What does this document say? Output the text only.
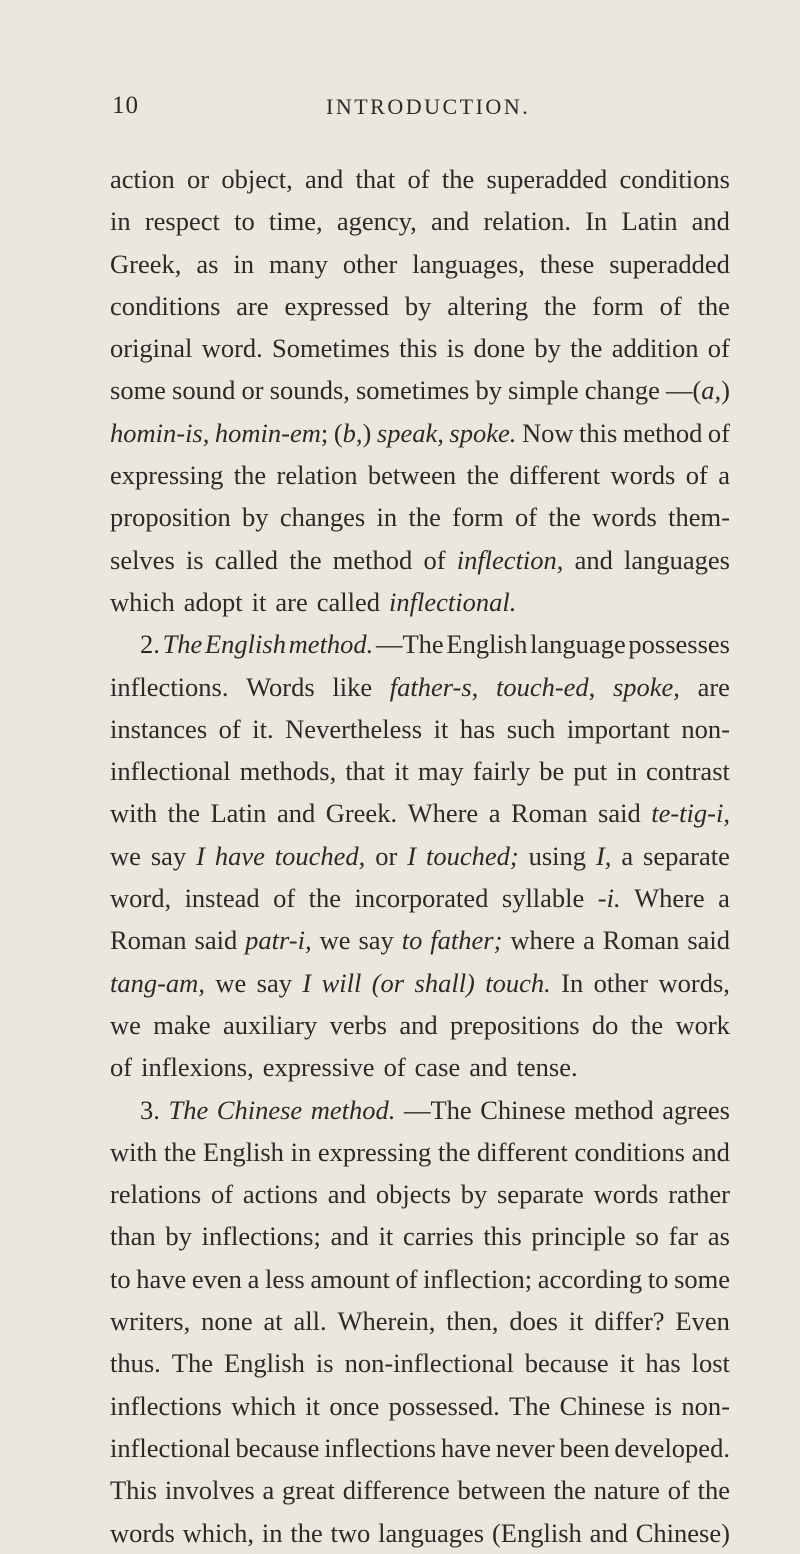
10	INTRODUCTION.
action or object, and that of the superadded conditions
in respect to time, agency, and relation. In Latin and
Greek, as in many other languages, these superadded
conditions are expressed by altering the form of the
original word. Sometimes this is done by the addition of
some sound or sounds, sometimes by simple change —(a,)
homin-is, homin-em; (b,) speak, spoke. Now this method of
expressing the relation between the different words of a
proposition by changes in the form of the words them-
selves is called the method of inflection, and languages
which adopt it are called inflectional.
2. The English method. —The English language possesses
inflections. Words like father-s, touch-ed, spoke, are
instances of it. Nevertheless it has such important non-
inflectional methods, that it may fairly be put in contrast
with the Latin and Greek. Where a Roman said te-tig-i,
we say I have touched, or I touched; using I, a separate
word, instead of the incorporated syllable -i. Where a
Roman said patr-i, we say to father; where a Roman said
tang-am, we say I will (or shall) touch. In other words,
we make auxiliary verbs and prepositions do the work
of inflexions, expressive of case and tense.
3. The Chinese method. —The Chinese method agrees
with the English in expressing the different conditions and
relations of actions and objects by separate words rather
than by inflections; and it carries this principle so far as
to have even a less amount of inflection; according to some
writers, none at all. Wherein, then, does it differ? Even
thus. The English is non-inflectional because it has lost
inflections which it once possessed. The Chinese is non-
inflectional because inflections have never been developed.
This involves a great difference between the nature of the
words which, in the two languages (English and Chinese)
